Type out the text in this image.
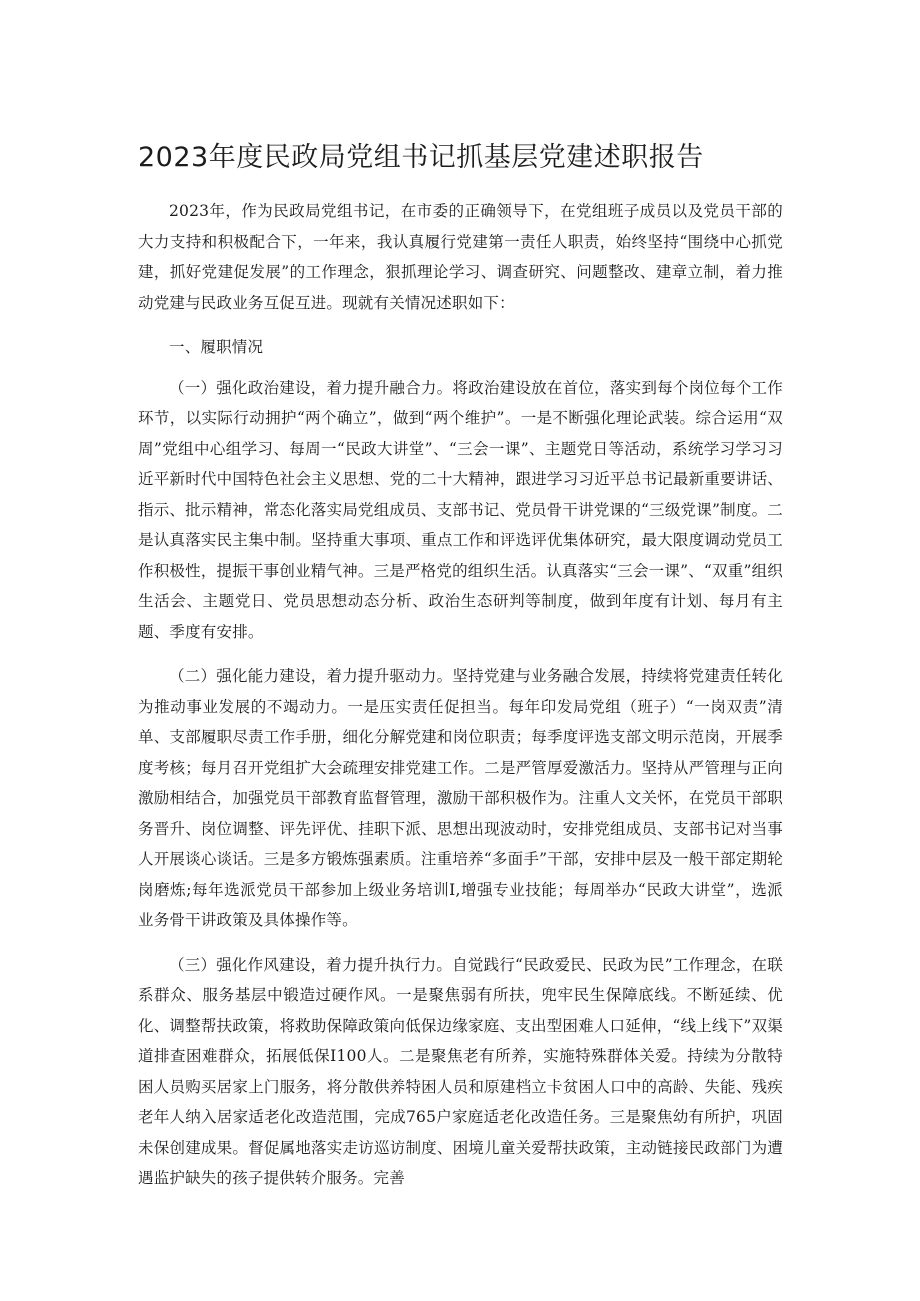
2023年度民政局党组书记抓基层党建述职报告

2023年，作为民政局党组书记，在市委的正确领导下，在党组班子成员以及党员干部的大力支持和积极配合下，一年来，我认真履行党建第一责任人职责，始终坚持“围绕中心抓党建，抓好党建促发展”的工作理念，狠抓理论学习、调查研究、问题整改、建章立制，着力推动党建与民政业务互促互进。现就有关情况述职如下：

一、履职情况

（一）强化政治建设，着力提升融合力。将政治建设放在首位，落实到每个岗位每个工作环节，以实际行动拥护“两个确立”，做到“两个维护”。一是不断强化理论武装。综合运用“双周”党组中心组学习、每周一“民政大讲堂”、“三会一课”、主题党日等活动，系统学习学习习近平新时代中国特色社会主义思想、党的二十大精神，跟进学习习近平总书记最新重要讲话、指示、批示精神，常态化落实局党组成员、支部书记、党员骨干讲党课的“三级党课”制度。二是认真落实民主集中制。坚持重大事项、重点工作和评选评优集体研究，最大限度调动党员工作积极性，提振干事创业精气神。三是严格党的组织生活。认真落实“三会一课”、“双重”组织生活会、主题党日、党员思想动态分析、政治生态研判等制度，做到年度有计划、每月有主题、季度有安排。

（二）强化能力建设，着力提升驱动力。坚持党建与业务融合发展，持续将党建责任转化为推动事业发展的不竭动力。一是压实责任促担当。每年印发局党组（班子）“一岗双责”清单、支部履职尽责工作手册，细化分解党建和岗位职责；每季度评选支部文明示范岗，开展季度考核；每月召开党组扩大会疏理安排党建工作。二是严管厚爱激活力。坚持从严管理与正向激励相结合，加强党员干部教育监督管理，激励干部积极作为。注重人文关怀，在党员干部职务晋升、岗位调整、评先评优、挂职下派、思想出现波动时，安排党组成员、支部书记对当事人开展谈心谈话。三是多方锻炼强素质。注重培养“多面手”干部，安排中层及一般干部定期轮岗磨炼;每年选派党员干部参加上级业务培训I,增强专业技能；每周举办“民政大讲堂”，选派业务骨干讲政策及具体操作等。

（三）强化作风建设，着力提升执行力。自觉践行“民政爱民、民政为民”工作理念，在联系群众、服务基层中锻造过硬作风。一是聚焦弱有所扶，兜牢民生保障底线。不断延续、优化、调整帮扶政策，将救助保障政策向低保边缘家庭、支出型困难人口延伸，“线上线下”双渠道排查困难群众，拓展低保I100人。二是聚焦老有所养，实施特殊群体关爱。持续为分散特困人员购买居家上门服务，将分散供养特困人员和原建档立卡贫困人口中的高龄、失能、残疾老年人纳入居家适老化改造范围，完成765户家庭适老化改造任务。三是聚焦幼有所护，巩固未保创建成果。督促属地落实走访巡访制度、困境儿童关爱帮扶政策，主动链接民政部门为遭遇监护缺失的孩子提供转介服务。完善
